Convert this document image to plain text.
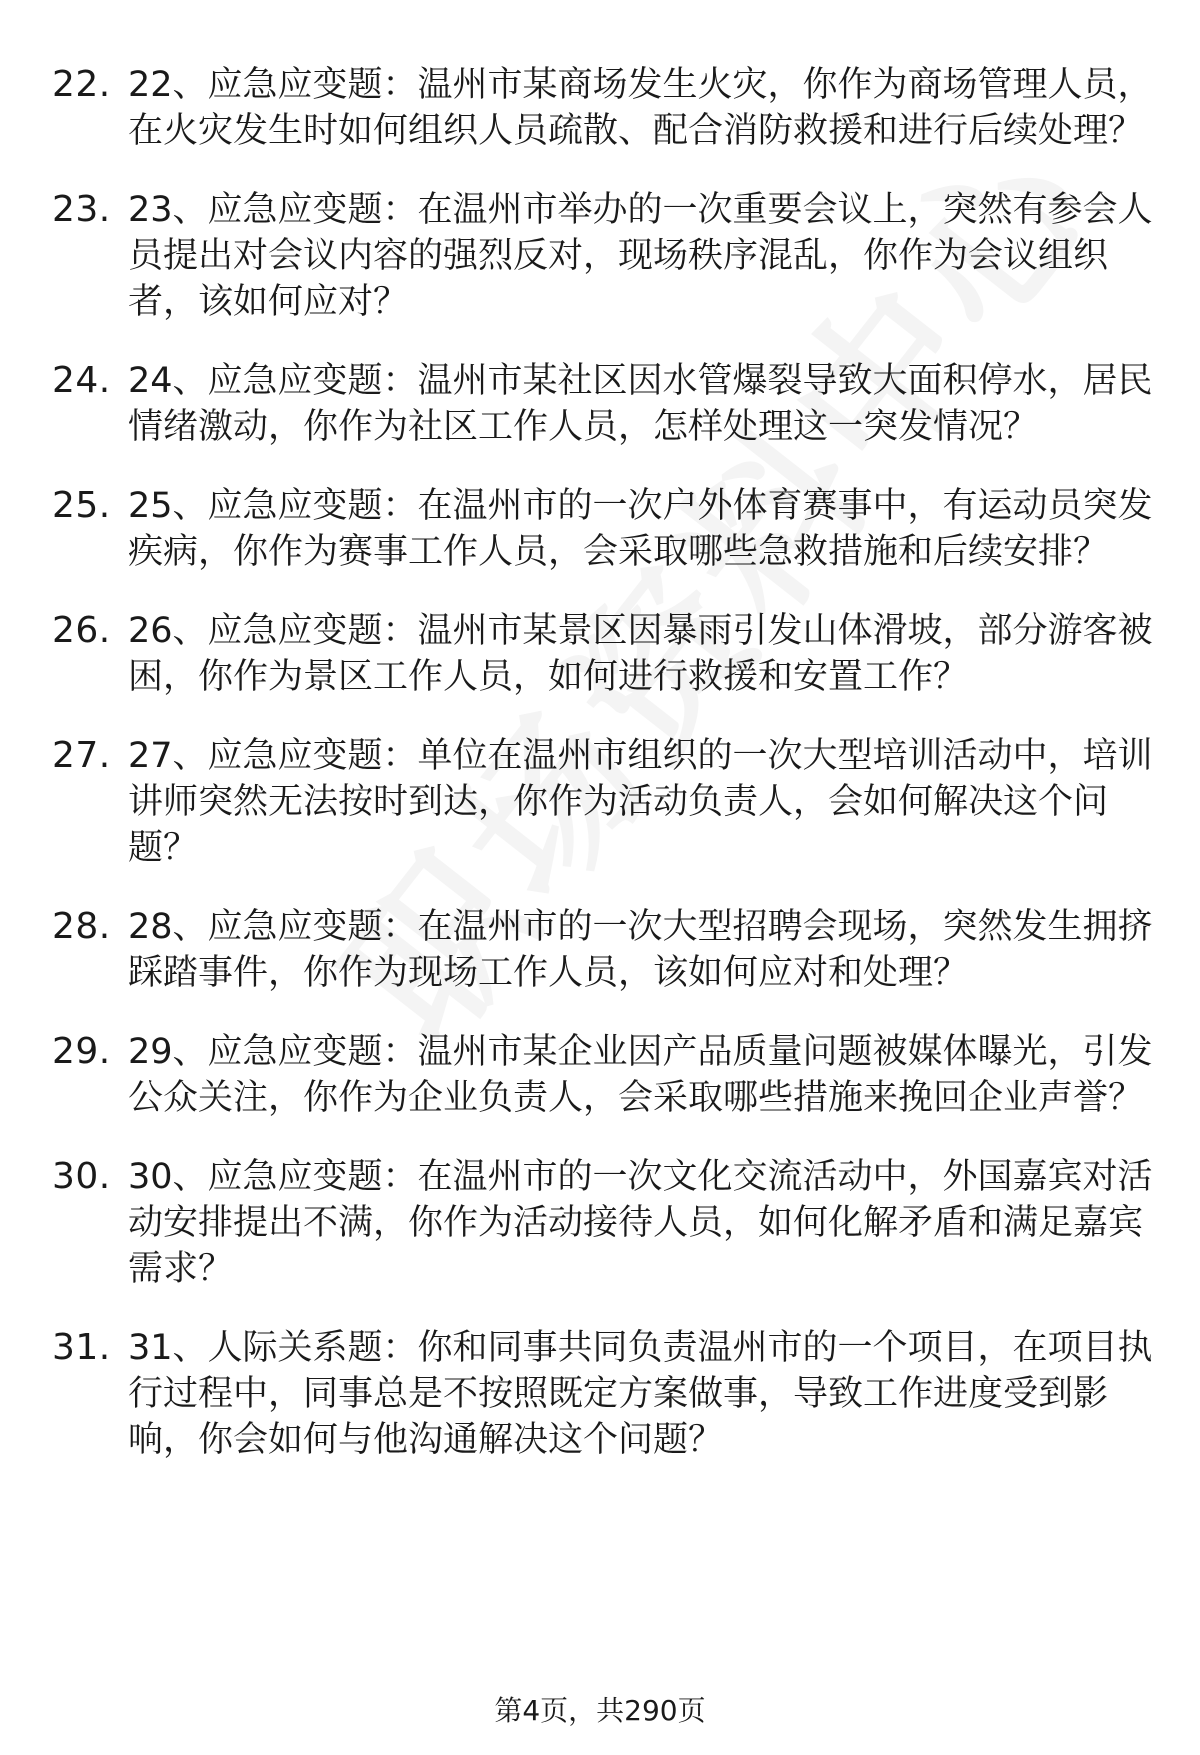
22. 22、应急应变题：温州市某商场发生火灾，你作为商场管理人员，在火灾发生时如何组织人员疏散、配合消防救援和进行后续处理？
23. 23、应急应变题：在温州市举办的一次重要会议上，突然有参会人员提出对会议内容的强烈反对，现场秩序混乱，你作为会议组织者，该如何应对？
24. 24、应急应变题：温州市某社区因水管爆裂导致大面积停水，居民情绪激动，你作为社区工作人员，怎样处理这一突发情况？
25. 25、应急应变题：在温州市的一次户外体育赛事中，有运动员突发疾病，你作为赛事工作人员，会采取哪些急救措施和后续安排？
26. 26、应急应变题：温州市某景区因暴雨引发山体滑坡，部分游客被困，你作为景区工作人员，如何进行救援和安置工作？
27. 27、应急应变题：单位在温州市组织的一次大型培训活动中，培训讲师突然无法按时到达，你作为活动负责人，会如何解决这个问题？
28. 28、应急应变题：在温州市的一次大型招聘会现场，突然发生拥挤踩踏事件，你作为现场工作人员，该如何应对和处理？
29. 29、应急应变题：温州市某企业因产品质量问题被媒体曝光，引发公众关注，你作为企业负责人，会采取哪些措施来挽回企业声誉？
30. 30、应急应变题：在温州市的一次文化交流活动中，外国嘉宾对活动安排提出不满，你作为活动接待人员，如何化解矛盾和满足嘉宾需求？
31. 31、人际关系题：你和同事共同负责温州市的一个项目，在项目执行过程中，同事总是不按照既定方案做事，导致工作进度受到影响，你会如何与他沟通解决这个问题？
第4页，共290页
